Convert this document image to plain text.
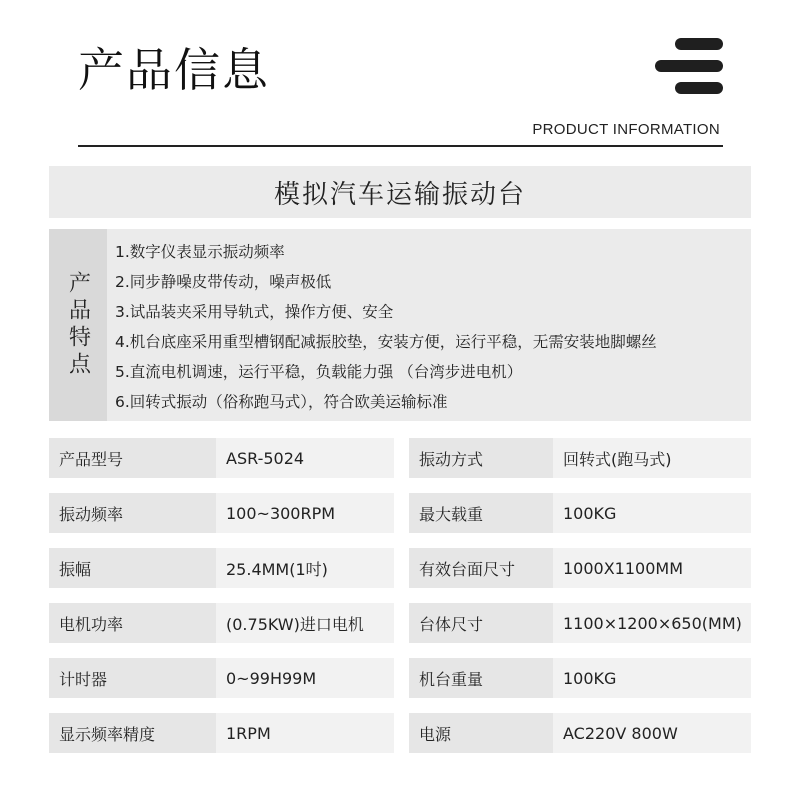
产品信息
PRODUCT INFORMATION
模拟汽车运输振动台
产品特点
1.数字仪表显示振动频率
2.同步静噪皮带传动，噪声极低
3.试品装夹采用导轨式，操作方便、安全
4.机台底座采用重型槽钢配减振胶垫，安装方便，运行平稳，无需安装地脚螺丝
5.直流电机调速，运行平稳，负载能力强 （台湾步进电机）
6.回转式振动（俗称跑马式），符合欧美运输标准
产品型号	ASR-5024	振动方式	回转式(跑马式)
振动频率	100~300RPM	最大载重	100KG
振幅	25.4MM(1吋)	有效台面尺寸	1000X1100MM
电机功率	(0.75KW)进口电机	台体尺寸	1100×1200×650(MM)
计时器	0~99H99M	机台重量	100KG
显示频率精度	1RPM	电源	AC220V 800W
